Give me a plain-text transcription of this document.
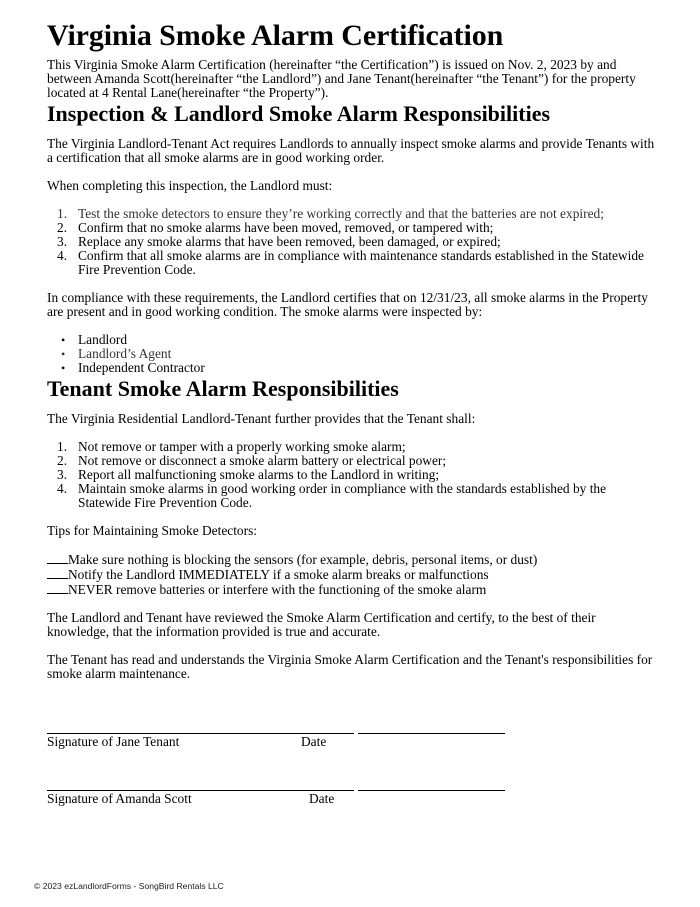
Virginia Smoke Alarm Certification

This Virginia Smoke Alarm Certification (hereinafter “the Certification”) is issued on Nov. 2, 2023 by and between Amanda Scott(hereinafter “the Landlord”) and Jane Tenant(hereinafter “the Tenant”) for the property located at 4 Rental Lane(hereinafter “the Property”).

Inspection & Landlord Smoke Alarm Responsibilities

The Virginia Landlord-Tenant Act requires Landlords to annually inspect smoke alarms and provide Tenants with a certification that all smoke alarms are in good working order.

When completing this inspection, the Landlord must:

1. Test the smoke detectors to ensure they’re working correctly and that the batteries are not expired;
2. Confirm that no smoke alarms have been moved, removed, or tampered with;
3. Replace any smoke alarms that have been removed, been damaged, or expired;
4. Confirm that all smoke alarms are in compliance with maintenance standards established in the Statewide Fire Prevention Code.

In compliance with these requirements, the Landlord certifies that on 12/31/23, all smoke alarms in the Property are present and in good working condition. The smoke alarms were inspected by:

• Landlord
• Landlord’s Agent
• Independent Contractor
Tenant Smoke Alarm Responsibilities

The Virginia Residential Landlord-Tenant further provides that the Tenant shall:

1. Not remove or tamper with a properly working smoke alarm;
2. Not remove or disconnect a smoke alarm battery or electrical power;
3. Report all malfunctioning smoke alarms to the Landlord in writing;
4. Maintain smoke alarms in good working order in compliance with the standards established by the Statewide Fire Prevention Code.

Tips for Maintaining Smoke Detectors:

Make sure nothing is blocking the sensors (for example, debris, personal items, or dust)

Notify the Landlord IMMEDIATELY if a smoke alarm breaks or malfunctions

NEVER remove batteries or interfere with the functioning of the smoke alarm

The Landlord and Tenant have reviewed the Smoke Alarm Certification and certify, to the best of their knowledge, that the information provided is true and accurate.

The Tenant has read and understands the Virginia Smoke Alarm Certification and the Tenant's responsibilities for smoke alarm maintenance.

Signature of Jane Tenant	Date
Signature of Amanda Scott	Date
© 2023 ezLandlordForms - SongBird Rentals LLC
